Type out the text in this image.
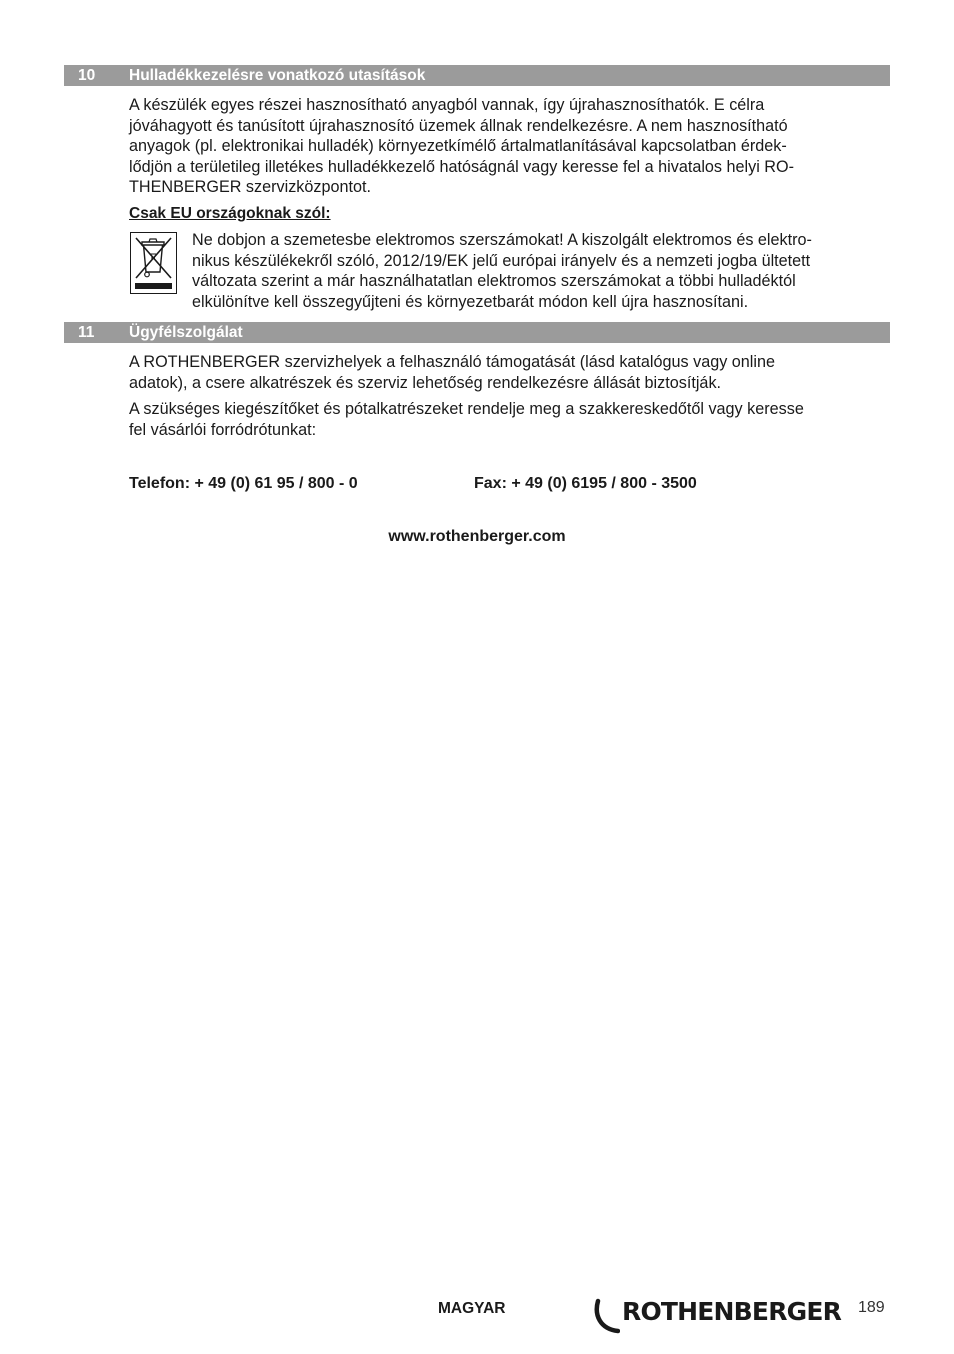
10 Hulladékkezelésre vonatkozó utasítások

A készülék egyes részei hasznosítható anyagból vannak, így újrahasznosíthatók. E célra
jóváhagyott és tanúsított újrahasznosító üzemek állnak rendelkezésre. A nem hasznosítható
anyagok (pl. elektronikai hulladék) környezetkímélő ártalmatlanításával kapcsolatban érdek-
lődjön a területileg illetékes hulladékkezelő hatóságnál vagy keresse fel a hivatalos helyi RO-
THENBERGER szervizközpontot.

Csak EU országoknak szól:
Ne dobjon a szemetesbe elektromos szerszámokat! A kiszolgált elektromos és elektro-
nikus készülékekről szóló, 2012/19/EK jelű európai irányelv és a nemzeti jogba ültetett
változata szerint a már használhatatlan elektromos szerszámokat a többi hulladéktól
elkülönítve kell összegyűjteni és környezetbarát módon kell újra hasznosítani.
11 Ügyfélszolgálat

A ROTHENBERGER szervizhelyek a felhasználó támogatását (lásd katalógus vagy online
adatok), a csere alkatrészek és szerviz lehetőség rendelkezésre állását biztosítják.

A szükséges kiegészítőket és pótalkatrészeket rendelje meg a szakkereskedőtől vagy keresse
fel vásárlói forródrótunkat:

Telefon: + 49 (0) 61 95 / 800 - 0	Fax: + 49 (0) 6195 / 800 - 3500
www.rothenberger.com
MAGYAR	ROTHENBERGER 189
